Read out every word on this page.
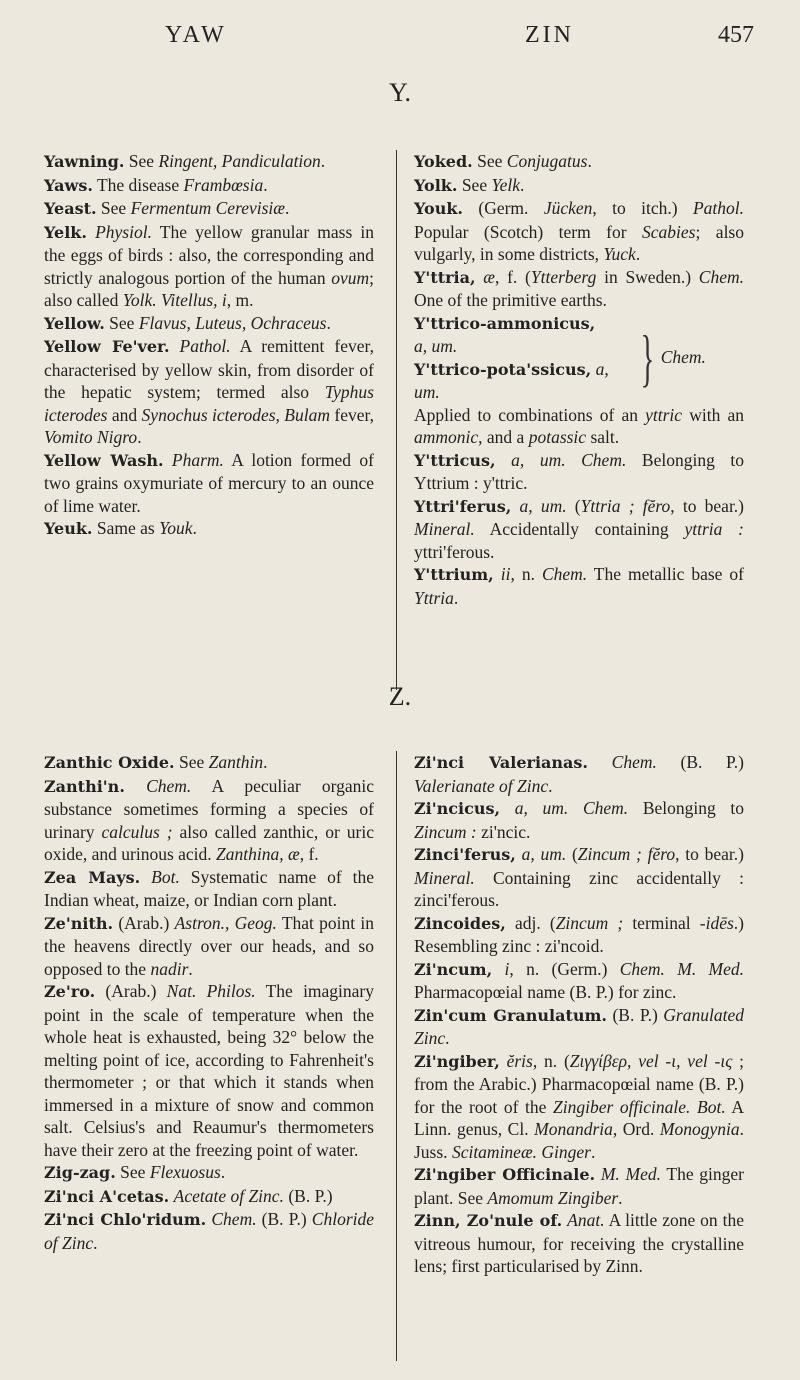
YAW	ZIN	457
Y.

Yawning. See Ringent, Pandiculation.

Yaws. The disease Frambœsia.

Yeast. See Fermentum Cerevisiæ.

Yelk. Physiol. The yellow granular mass in the eggs of birds : also, the corresponding and strictly analogous portion of the human ovum; also called Yolk. Vitellus, i, m.

Yellow. See Flavus, Luteus, Ochraceus.

Yellow Fe'ver. Pathol. A remittent fever, characterised by yellow skin, from disorder of the hepatic system; termed also Typhus icterodes and Synochus icterodes, Bulam fever, Vomito Nigro.

Yellow Wash. Pharm. A lotion formed of two grains oxymuriate of mercury to an ounce of lime water.

Yeuk. Same as Youk.

Yoked. See Conjugatus.

Yolk. See Yelk.

Youk. (Germ. Jücken, to itch.) Pathol. Popular (Scotch) term for Scabies; also vulgarly, in some districts, Yuck.

Y'ttria, æ, f. (Ytterberg in Sweden.) Chem. One of the primitive earths.

Y'ttrico-ammonicus,
a, um.
Y'ttrico-pota'ssicus, a, um.	} Chem.

Applied to combinations of an yttric with an ammonic, and a potassic salt.

Y'ttricus, a, um. Chem. Belonging to Yttrium : y'ttric.

Yttri'ferus, a, um. (Yttria ; fĕro, to bear.) Mineral. Accidentally containing yttria : yttri'ferous.

Y'ttrium, ii, n. Chem. The metallic base of Yttria.

Z.

Zanthic Oxide. See Zanthin.

Zanthi'n. Chem. A peculiar organic substance sometimes forming a species of urinary calculus ; also called zanthic, or uric oxide, and urinous acid. Zanthina, æ, f.

Zea Mays. Bot. Systematic name of the Indian wheat, maize, or Indian corn plant.

Ze'nith. (Arab.) Astron., Geog. That point in the heavens directly over our heads, and so opposed to the nadir.

Ze'ro. (Arab.) Nat. Philos. The imaginary point in the scale of temperature when the whole heat is exhausted, being 32° below the melting point of ice, according to Fahrenheit's thermometer ; or that which it stands when immersed in a mixture of snow and common salt. Celsius's and Reaumur's thermometers have their zero at the freezing point of water.

Zig-zag. See Flexuosus.

Zi'nci A'cetas. Acetate of Zinc. (B. P.)

Zi'nci Chlo'ridum. Chem. (B. P.) Chloride of Zinc.

Zi'nci Valerianas. Chem. (B. P.) Valerianate of Zinc.

Zi'ncicus, a, um. Chem. Belonging to Zincum : zi'ncic.

Zinci'ferus, a, um. (Zincum ; fĕro, to bear.) Mineral. Containing zinc accidentally : zinci'ferous.

Zincoides, adj. (Zincum ; terminal -idēs.) Resembling zinc : zi'ncoid.

Zi'ncum, i, n. (Germ.) Chem. M. Med. Pharmacopœial name (B. P.) for zinc.

Zin'cum Granulatum. (B. P.) Granulated Zinc.

Zi'ngiber, ĕris, n. (Ζιγγίβερ, vel -ι, vel -ις ; from the Arabic.) Pharmacopœial name (B. P.) for the root of the Zingiber officinale. Bot. A Linn. genus, Cl. Monandria, Ord. Monogynia. Juss. Scitamineæ. Ginger.

Zi'ngiber Officinale. M. Med. The ginger plant. See Amomum Zingiber.

Zinn, Zo'nule of. Anat. A little zone on the vitreous humour, for receiving the crystalline lens; first particularised by Zinn.
